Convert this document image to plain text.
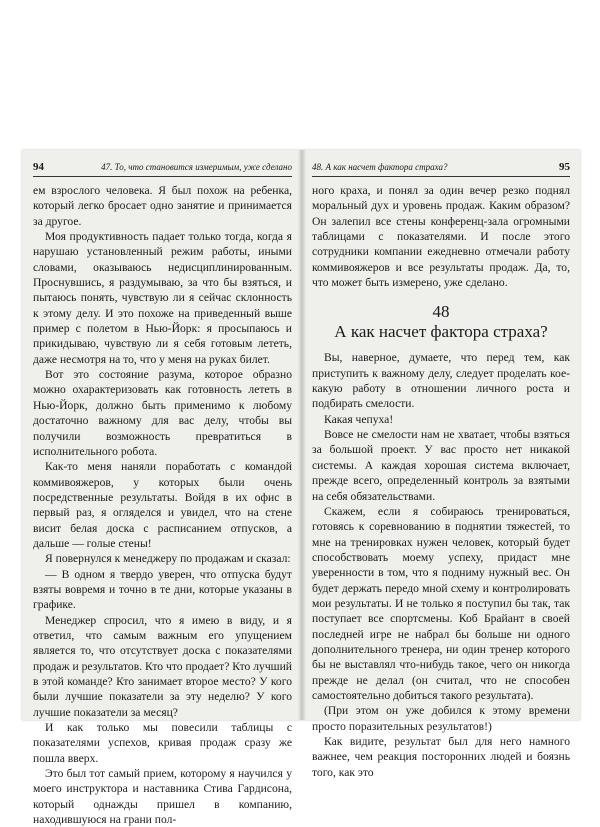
94	47. То, что становится измеримым, уже сделано

ем взрослого человека. Я был похож на ребенка, который легко бросает одно занятие и принимается за другое.

Моя продуктивность падает только тогда, когда я нарушаю установленный режим работы, иными словами, оказываюсь недисциплинированным. Проснувшись, я раздумываю, за что бы взяться, и пытаюсь понять, чувствую ли я сейчас склонность к этому делу. И это похоже на приведенный выше пример с полетом в Нью-Йорк: я просыпаюсь и прикидываю, чувствую ли я себя готовым лететь, даже несмотря на то, что у меня на руках билет.

Вот это состояние разума, которое образно можно охарактеризовать как готовность лететь в Нью-Йорк, должно быть применимо к любому достаточно важному для вас делу, чтобы вы получили возможность превратиться в исполнительного робота.

Как-то меня наняли поработать с командой коммивояжеров, у которых были очень посредственные результаты. Войдя в их офис в первый раз, я огляделся и увидел, что на стене висит белая доска с расписанием отпусков, а дальше — голые стены!

Я повернулся к менеджеру по продажам и сказал:

— В одном я твердо уверен, что отпуска будут взяты вовремя и точно в те дни, которые указаны в графике.

Менеджер спросил, что я имею в виду, и я ответил, что самым важным его упущением является то, что отсутствует доска с показателями продаж и результатов. Кто что продает? Кто лучший в этой команде? Кто занимает второе место? У кого были лучшие показатели за эту неделю? У кого лучшие показатели за месяц?

И как только мы повесили таблицы с показателями успехов, кривая продаж сразу же пошла вверх.

Это был тот самый прием, которому я научился у моего инструктора и наставника Стива Гардисона, который однажды пришел в компанию, находившуюся на грани пол-

48. А как насчет фактора страха?	95

ного краха, и понял за один вечер резко поднял моральный дух и уровень продаж. Каким образом? Он залепил все стены конференц-зала огромными таблицами с показателями. И после этого сотрудники компании ежедневно отмечали работу коммивояжеров и все результаты продаж. Да, то, что может быть измерено, уже сделано.

48
А как насчет фактора страха?

Вы, наверное, думаете, что перед тем, как приступить к важному делу, следует проделать кое-какую работу в отношении личного роста и подбирать смелости.

Какая чепуха!

Вовсе не смелости нам не хватает, чтобы взяться за большой проект. У вас просто нет никакой системы. А каждая хорошая система включает, прежде всего, определенный контроль за взятыми на себя обязательствами.

Скажем, если я собираюсь тренироваться, готовясь к соревнованию в поднятии тяжестей, то мне на тренировках нужен человек, который будет способствовать моему успеху, придаст мне уверенности в том, что я подниму нужный вес. Он будет держать передо мной схему и контролировать мои результаты. И не только я поступил бы так, так поступает все спортсмены. Коб Брайант в своей последней игре не набрал бы больше ни одного дополнительного тренера, ни один тренер которого бы не выставлял что-нибудь такое, чего он никогда прежде не делал (он считал, что не способен самостоятельно добиться такого результата).

(При этом он уже добился к этому времени просто поразительных результатов!)

Как видите, результат был для него намного важнее, чем реакция посторонних людей и боязнь того, как это
